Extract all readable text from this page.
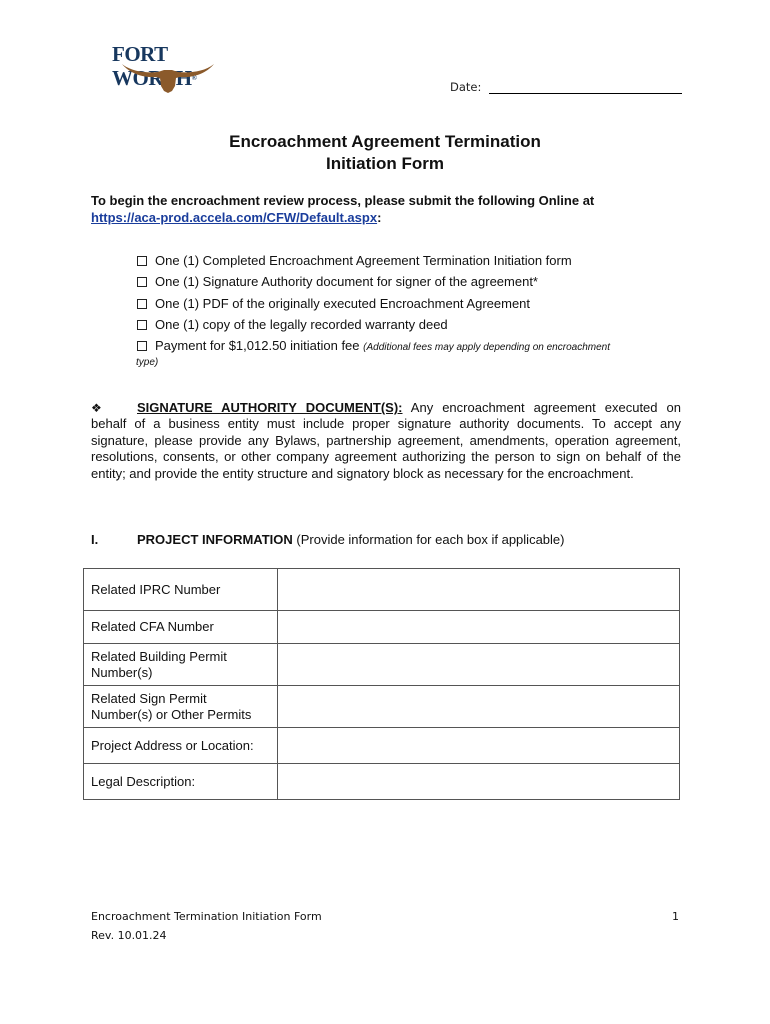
FORT WORTH®
Date:
Encroachment Agreement Termination
Initiation Form
To begin the encroachment review process, please submit the following Online at
https://aca-prod.accela.com/CFW/Default.aspx:
One (1) Completed Encroachment Agreement Termination Initiation form
One (1) Signature Authority document for signer of the agreement*
One (1) PDF of the originally executed Encroachment Agreement
One (1) copy of the legally recorded warranty deed
Payment for $1,012.50 initiation fee (Additional fees may apply depending on encroachment
type)
❖	SIGNATURE AUTHORITY DOCUMENT(S): Any encroachment agreement executed on behalf of a business entity must include proper signature authority documents. To accept any signature, please provide any Bylaws, partnership agreement, amendments, operation agreement, resolutions, consents, or other company agreement authorizing the person to sign on behalf of the entity; and provide the entity structure and signatory block as necessary for the encroachment.
I.	PROJECT INFORMATION (Provide information for each box if applicable)
Related IPRC Number	
Related CFA Number	
Related Building Permit Number(s)	
Related Sign Permit Number(s) or Other Permits	
Project Address or Location:	
Legal Description:	
Encroachment Termination Initiation Form
Rev. 10.01.24
1
